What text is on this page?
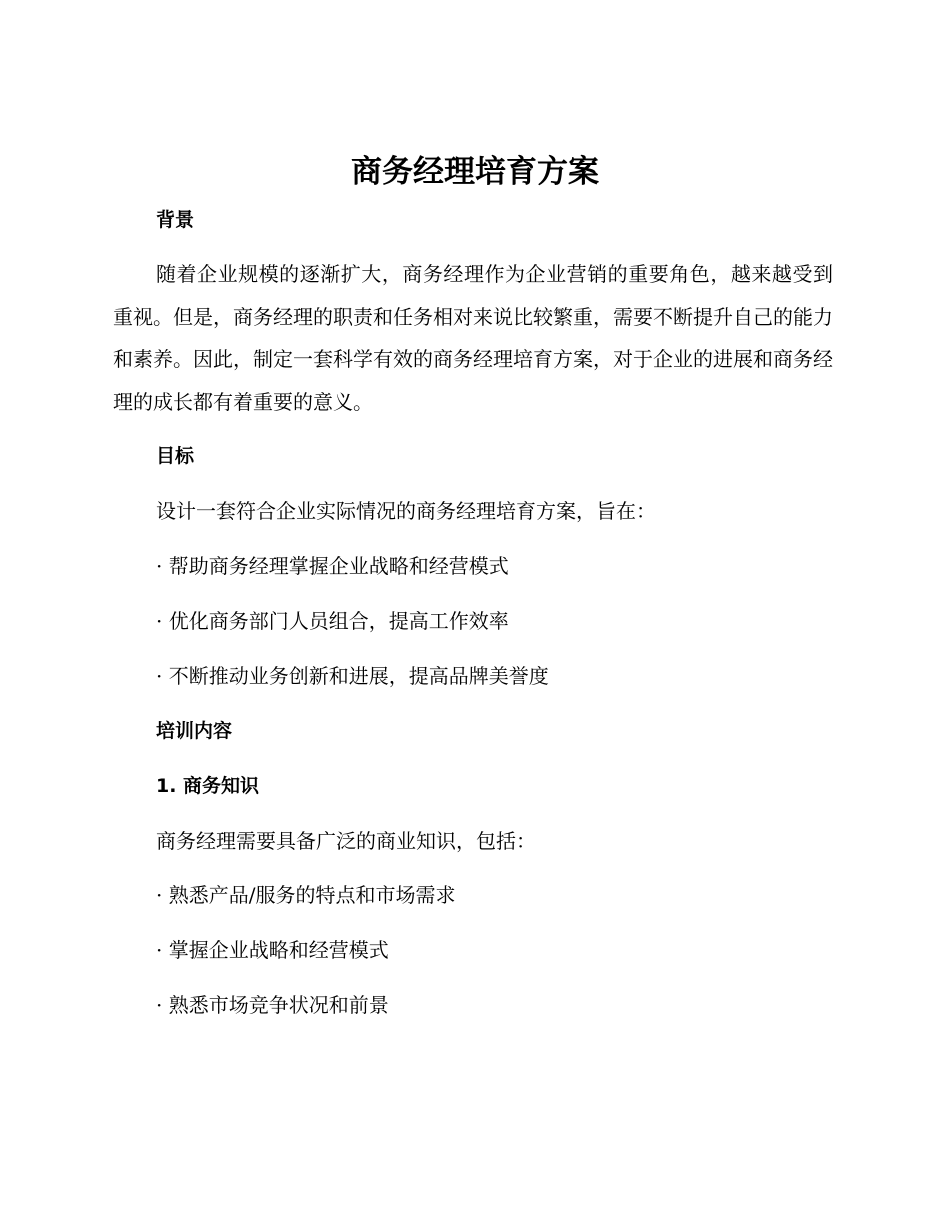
商务经理培育方案
背景

随着企业规模的逐渐扩大，商务经理作为企业营销的重要角色，越来越受到重视。但是，商务经理的职责和任务相对来说比较繁重，需要不断提升自己的能力和素养。因此，制定一套科学有效的商务经理培育方案，对于企业的进展和商务经理的成长都有着重要的意义。

目标

设计一套符合企业实际情况的商务经理培育方案，旨在：

· 帮助商务经理掌握企业战略和经营模式

· 优化商务部门人员组合，提高工作效率

· 不断推动业务创新和进展，提高品牌美誉度

培训内容
1. 商务知识

商务经理需要具备广泛的商业知识，包括：

· 熟悉产品/服务的特点和市场需求

· 掌握企业战略和经营模式

· 熟悉市场竞争状况和前景
